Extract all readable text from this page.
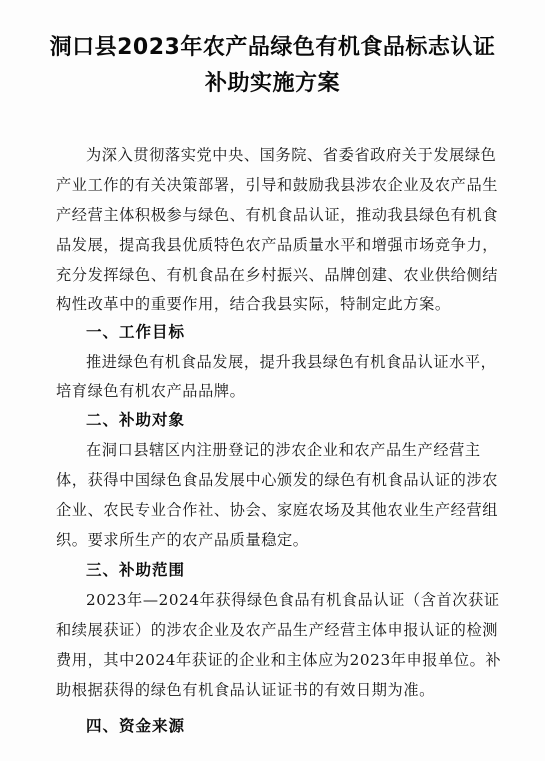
洞口县2023年农产品绿色有机食品标志认证
补助实施方案
为深入贯彻落实党中央、国务院、省委省政府关于发展绿色
产业工作的有关决策部署，引导和鼓励我县涉农企业及农产品生
产经营主体积极参与绿色、有机食品认证，推动我县绿色有机食
品发展，提高我县优质特色农产品质量水平和增强市场竞争力，
充分发挥绿色、有机食品在乡村振兴、品牌创建、农业供给侧结
构性改革中的重要作用，结合我县实际，特制定此方案。
一、工作目标
推进绿色有机食品发展，提升我县绿色有机食品认证水平，
培育绿色有机农产品品牌。
二、补助对象
在洞口县辖区内注册登记的涉农企业和农产品生产经营主
体，获得中国绿色食品发展中心颁发的绿色有机食品认证的涉农
企业、农民专业合作社、协会、家庭农场及其他农业生产经营组
织。要求所生产的农产品质量稳定。
三、补助范围
2023年—2024年获得绿色食品有机食品认证（含首次获证
和续展获证）的涉农企业及农产品生产经营主体申报认证的检测
费用，其中2024年获证的企业和主体应为2023年申报单位。补
助根据获得的绿色有机食品认证证书的有效日期为准。
四、资金来源
